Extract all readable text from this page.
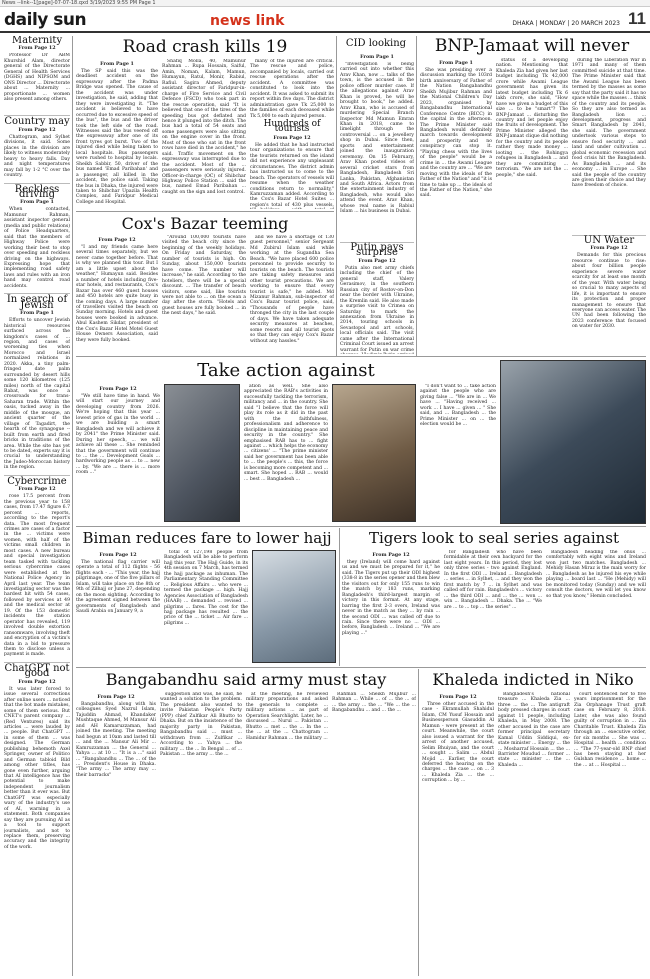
News --link--1[page]-07-07-18.qxd 3/19/2023 9:55 PM Page 1
daily sun	news link	DHAKA | MONDAY | 20 MARCH 2023 11
Maternity
From Page 12

Professor Dr ABM Khurshid Alam, director general of the Directorate General of Health Services (DGHS) and NIPSOM and ONS Director ... Directorate about ... Maternity ... proportionate ... women also present among others.

Country may
From Page 12

Chattogram, and Sylhet divisions, it said. Some places in the division are likely to witness moderately heavy to heavy falls. Day and night temperatures may fall by 1-2 °C over the country.

Reckless driving
From Page 1

When contacted, Mamunur Rahman, assistant inspector general (media and public relations) of Police Headquarters, said that the members of Highway Police were working their best to stop over speeding and reckless driving on the highways. Expressing hope that implementing road safety laws and rules with an iron hand may control road accidents.

In search of Jewish
From Page 1

Efforts to uncover Jewish historical resources surfaced across the kingdom's cases of ... region, and cases of worsening ties when Morocco and Israel normalized relations in 2020. Akka, a tiny palm-fringed date palm surrounded by desert hills some 120 kilometres (125 miles) north of the capital Rabat, was once a crossroads for trans-Saharan trade. Within the oasis, tucked away in the middle of the mosque, an ancient quarter of the village of Tagadirt, the hearth of the synagogue -- built from earth and fired bricks in traditions of the area. While the site has yet to be dated, experts say it is crucial to understanding the Judeo-Moroccan history in the region.

Cybercrime
From Page 12

rose 17.5 percent from the previous year to 158 cases, from 17.47 figure 6.7 percent ... reports, according to the report's data. The most frequent crimes are cases of a factor in the ... victims were women, with half of the victims small children in most cases. A new bureau and special investigation team tasked with tackling serious cybercrime cases were established at the National Police Agency in April last year. The team investigating sector was the hardest hit with 54 cases, followed by services at 49 and the medical sector at 19. Of the 153 domestic incidents the station operator has revealed, 119 involved double extortion ransomware, involving theft and encryption of a victim's data in a bid to pressure them to disclose unless a payment is made.

ChatGPT not good
From Page 12

It was later forced to issue several corrections after online users ... noticed that the bot made mistakes, some of them serious. But CNET's parent company ... (Red Ventures) said its articles ... were lauded by ... people. But ChatGPT ... in some of them ... was designed. The German publishing behemoth Axel Springer, owner of Politico and German tabloid Bild among other titles, has gone even further, arguing that AI intelligence has the potential to make independent journalism better than it ever was. But ChatGPT was especially wary of the industry's use of AI, warning in a statement. Both companies say they are pursuing AI as a tool to support journalists, and not to replace them, preserving accuracy and the integrity of the work.

Road crash kills 19
From Page 1

The SP said this was the deadliest accident on the expressway after the Padma Bridge was opened. The cause of the accident was under investigation, he said, adding that they were investigating it. "The accident is believed to have occurred due to excessive speed of the bus", the bus and the driver took the left side of the road. Witnesses said the bus veered off the expressway after one of its front tyres got burst. Two of the injured died while being taken to local hospitals. Bus passengers were rushed to hospital by locals. Sheikh Sabbir, 50, driver of the bus named 'Emad Paribahan' and a passenger, all killed in the accident, the police said. Taking the bus in Dhaka, the injured were taken to Shibchar Upazila Health Complex, and Faridpur Medical College and Hospital.

Shafiq Molla, 40, Mamunur Rahman ... Rupa Hossain, Saiful, Amin, Noman, Kalam, Mamun, Humayun, Ratul, Monir, Rabiul, Rafiul. Sagira Ahmed, deputy assistant director of Faridpur-in-charge of Fire Service and Civil Defence (FSCD) who took part in the rescue operation, said "It is believed that one of the tires of the speeding bus got deflated and hence it plunged into the ditch. The bus had a total of 54 seats and some passengers were also sitting on the engine cover in the front. Most of those who sat in the front rows have died in the accident," he said. Traffic movement on the expressway was interrupted due to the accident. Most of the ... passengers were seriously injured. Officer-in-charge (OC) of Shibchar Highway Police Station ... said the bus, named Emad Paribahan ... caught on the sign and lost control.

many of the injured are critical. The rescue and police, accompanied by locals, carried out rescue operations after the accident. A committee was constituted to look into the accident. It was asked to submit its report within five days. The district administration gave Tk 25,000 to the families of each deceased while Tk 5,000 to each injured person.

Hundreds of tourists
From Page 12

He added that he had instructed tour organizations to ensure that the tourists returned on the island did not experience any unpleasant circumstances. The district admin has instructed us to come to the beach. The operators of vessels will resume when the weather conditions return to normality," Kamruzzaman added. According to the Cox's Bazar Hotel Suites ... region's total of 430 plus vessels,

Cox's Bazar teeming
From Page 12

"I and my friends came here several times separately, but we never came together before. That is why we planned this tour. But I am a little upset about the weather," Humayun said. Besides a number of hotels including five-star hotels, and restaurants, Cox's Bazar has over 460 guest houses and 450 hotels are quite busy in the coming days. A large number of travellers visited the beach on Sunday morning. Hotels and guest houses were booked in advance. Abul Kashem Sikdar, president of the Cox's Bazar Hotel Motel Guest House Owners Association, said they were fully booked.

"Around 100,000 tourists have visited the beach city since the beginning of the weekly holidays. On Friday and Saturday, the number of tourists is high. On Sunday, about 150,000 tourists have come. The number will increase," he said. According to the hoteliers, there will be a special discount. ... The transfer of beach visitors, some said, like tourists were not able to ... on the ocean a day after the storm. "Hotels and guest houses are fully booked ... in the next days," he said.

and we have a shortage of 130 guest personnel," senior Sergeant Md Zubirul Islam said while working at the Sugandha Sea Beach. "We have placed 600 police personnel to provide security to tourists on the beach. The tourists are taking safety measures and other tourist precautions. We are working to ensure that every tourist is safe," he added. Md Mizanur Rahman, sub-inspector of Cox's Bazar tourist police, said, "Thousands of people have thronged the city in the last couple of days. We have taken adequate security measures at beaches, some resorts and all tourist spots so that they can enjoy Cox's Bazar without any hassles."

CID looking
From Page 1

"Investigation is being carried out into whether this Arav Khan, now ... talks of the town, is the accused in the police officer murder case. If the allegations against Arav Khan is proved, he will be brought to book," he added. Arav Khan, who is accused of murdering Special Branch Inspector Md Mamun Emran Khan in 2018, came to limelight through the controversial ... on a jewellery shop in Dubai. Since then, sports and entertainment joined the inauguration ceremony. On 15 February, Arav Khan posted videos of several cricket stars from Bangladesh, Bangladesh Sri Lanka, Pakistan, Afghanistan and South Africa. Actors from the entertainment industry of Bangladesh, who would also attend the event. Arav Khan, whose real name is Rabiul Islam ... his business in Dubai.

Putin pays surprise
From Page 12

Putin also met army chiefs including the chief of the general staff, Valery Gerasimov, in the southern Russian city of Rostov-on-Don near the border with Ukraine, the Kremlin said. He also made a surprise visit to Crimea on Saturday to mark the annexation from Ukraine in 2014, touring schools in Sevastopol and art schools, local officials said. The visit came after the International Criminal Court issued an arrest warrant for Putin on war crime

BNP-Jamaat will never
From Page 1

She was presiding over a discussion marking the 103rd birth anniversary of Father of the Nation Bangabandhu Sheikh Mujibur Rahman and the National Children's Day 2023, organised by Bangabandhu International Conference Centre (BICC) in the capital in the afternoon. The Prime Minister said Bangladesh would definitely march towards development and prosperity and no conspiracy can stop it. "Playing chess with the lives of the people" would be a crime in ... the Awami League and the country are ... "We are moving with the ideals of the Father of the Nation" and "it is time to take up ... the ideals of the Father of the Nation," she said.

status of a developing nation. Mentioning that Khaleda Zia had given her last budget including Tk 42,000 crore while Awami League government has given its latest budget including Tk 6 lakh crore, she said, "How have we given a budget of this size ... to be "smart"? The BNP-Jamaat ... disturbing the country and let people enjoy the fruits of development. The Prime Minister alleged the BNP-Jamaat clique did nothing for the country and its people rather they made money ... looting ... the Rohingya refugees in Bangladesh ... and they are committing ... terrorism. "We are not the ... people," she said.

during the Liberation War in 1971 and many of them committed suicide at that time. The Prime Minister said that the Awami League has been termed by the masses as some say that the party said it has no space while the masses ... think of the country and its people. So they are also termed as Bangladesh lion ... development, progress and Smart Bangladesh by 2041, she said. The government undertook various steps to ensure food security ... and land and under cultivation ... global economic recession and food crisis hit the Bangladesh. As Bangladesh ... and its economy ... in Europe ... She said the people of the country are given their choice and they have freedom of choice.

UN Water
From Page 12

Demands for this precious resource continue to rise: about four billion people experience severe water scarcity for at least one month of the year. With water being so crucial to many aspects of life, it is important to ensure its protection and proper management to ensure that everyone can access water. The UN had been following the 2023 conference that focused on water for 2030.

Take action against
From Page 12

"We still have time in hand. We will start our journey and developing country from 2026. We're hoping that this year ... lowest price of gas in the world ... we are building a smart Bangladesh and we will achieve it by 2041" the Prime Minister said. During her speech, ... we will achieve all these ... She reminded that the government will continue to ... the ... Development Goals ... hardworking people as ... to ... new ... by. "We are ... there is ... more room ..."

ation as well. She also appreciated the RAB's activities in successfully tackling the terrorism, militancy and ... in the country. She said "I believe that the force will play its role as it did in the past with the faithfulness, professionalism and adherence to discipline in maintaining peace and security in the country." She emphasised RAB has to ... fight against ... which helps the economy ... citizens' ... "The prime minister said her government has been able to ... the people's ... this, the force is becoming more competent and ... smart. She hoped ... RAB ... would ... best ... Bangladesh ...

"I don't want to ... take action against the people who are giving false ... "We are in ... We have ... "Having received ... work ... I have ... given ... " She said, and ... Bangladesh ... the Prime Minister ... on ... the election would be ...

Biman reduces fare to lower hajj
From Page 12

The national flag carrier will operate a total of 112 flights - 56 flights each - ... "This year, the hajj pilgrimage, one of the five pillars of Islam, will take place on the 8th or 9th of Zilhajj or June 27, depending on the moon sighting. According to the agreement signed between the governments of Bangladesh and Saudi Arabia on January 9, a

total of 127,198 people from Bangladesh will be able to perform hajj this year. The Hajj Guide, in its 4th session on 7 March, has termed the hajj package as inhuman. The Parliamentary Standing Committee ... Religious Affairs ... who were ... termed the package ... high. Hajj Agencies Association of Bangladesh (HAAB) ... demanded ... revised ... pilgrims ... fares. The cost for the hajj package has resulted ... the price of the ... ticket ... Air fare ... pilgrims ...

Tigers look to seal series against
From Page 12

they (Ireland) will come hard against us and we must be prepared for it," he said. The Tigers put up their ODI highest (338-8 in the series opener and then blew the visitors out for only 155 runs to win the match by 183 runs, marking Bangladesh's third-largest margin of victory in this format. At any stage, barring the first 2-3 overs, Ireland was never in the match as they ... by rain ... the second ODI ... was called off due to rain. Since there were no ... ODI ... before, Bangladesh ... Ireland ... "We are playing ..."

for Bangladesh who have been formidable at their own backyard for the last eight years. In this period, they lost only three series - two against England. In the first ODI ... Ireland ... Bangladesh ... series ... in Sylhet, ... and they won the first match by 7 ... in Sylhet and was called off for rain. Bangladesh's ... victory ... the third ODI ... and ... the ... won ... win ... Bangladesh ... Dhaka. The ... "We are ... to ... top ... the series" ...

Bangladesh heading the onus ... comfortably with eight wins and Ireland won just two matches. Bangladesh ... Mehidy Hasan Miraz is the main worry for ... Bangladesh as he injured his eye while playing ... board last ... "He (Mehidy) will be monitored today (Sunday) and we will consult the doctors, we will let you know so that you know," Hemin concluded.

Bangabandhu said army must stay
From Page 12

Bangabandhu, along with his colleagues Syed Nazrul Islam, Tajuddin Ahmad, Khandaker Mushtaque Ahmed, M Mansur Ali and AH Kamaruzzaman, had joined the meeting. The meeting had begun at 10am and lasted till ... and the ... Mansur Ali Mir ... Kamruzzaman ... the General ... Yahya ... at 10 ... "It is a ..." said ... "Bangabandhu ... The ... of the ... President's House in Dhaka. "The army ... The army may ... their barracks"

suggestion and was, he said, he wanted a solution to the problem. The president also wanted to invite Pakistan People's Party (PPP) chief Zulfikar Ali Bhutto to Dhaka. But on the insistence of the majority party in Pakistan, Bangabandhu said ... must ... withdrawn from ... Zulfikar ... According to ... Yahya ... the military ... the ... In Bengal ... of ... Pakistan ... the army ... the ...

at the meeting, he reviewed military preparations and asked the generals to complete ... military actions ... as part of Operation Searchlight. Later, he ... discussed ... Nurul ... Pakistan ... Bhutto ... met ... the ... In the ... the ... at the ... Chattogram ... Hamidur Rahman ... the military ...

Rahman ... Sheikh Mujibur ... Rahman ... While ... of ... the ... of ... the army ... the ... "We ... the ... Bangabandhu ... and ... the ...

Khaleda indicted in Niko
From Page 12

Three other accused in the case - Ekramullah Shahidul Islam, CM Yusuf Hossain and Businessperson Giasuddin Al Mamun - were present at the court. Meanwhile, the court also issued a warrant for the arrest of another accused, Selim Bhuiyan, and the court ... sought ... Salim ... Abdul Mojid ... Earlier, the court deferred the hearing on the charges ... the case ... on ... 3 ... Khaleda Zia ... the ... corruption ... by ...

Bangladesh's national treasure ... Khaleda Zia ... three ... the ... The antigraft body pressed charges in court against 11 people, including Khaleda, in May 2008. The other accused in the case are former principal secretary Kamal Uddin Siddiqui, ex-state minister ... Energy ... the ... Mosharraf Hossain ... the ... Barrister Moudud ... former ... state ... minister ... the ... Khaleda ...

court sentenced her to five years imprisonment for the Zia Orphanage Trust graft case on February 8, 2018. Later, she was also found guilty of corruption in ... Zia Charitable Trust. Khaleda Zia through an ... executive order, for six months ... She was ... Hospital ... health ... condition ... "The 77-year-old BNP chief has been staying at her Gulshan residence ... home ... the ... at ... Hospital ...
